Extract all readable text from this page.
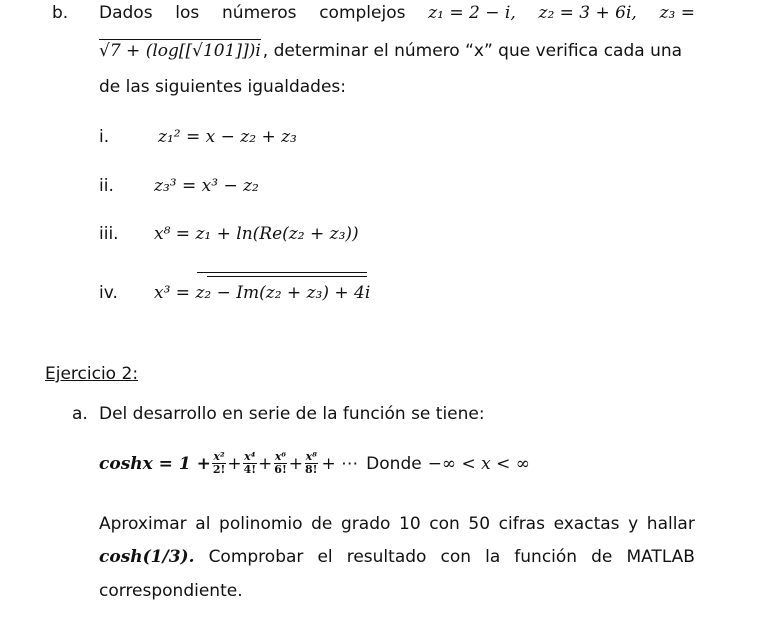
b. Dados los números complejos z₁ = 2 − i, z₂ = 3 + 6i, z₃ =
√7 + (log[[√101]])i , determinar el número “x” que verifica cada una
de las siguientes igualdades:
i.	z₁² = x − z₂ + z₃
ii. z₃³ = x³ − z₂
iii. x⁸ = z₁ + ln(Re(z₂ + z₃))
iv. x³ = z₂ − Im(z₂ + z₃) + 4i
Ejercicio 2:
a. Del desarrollo en serie de la función se tiene:
$\cosh x = 1 + \frac{\text{x²}}{2!} + \frac{\text{x⁴}}{4!} + \frac{\text{x⁶}}{6!} + \frac{\text{x⁸}}{8!}$ + ⋯ Donde −∞ < x < ∞
Aproximar al polinomio de grado 10 con 50 cifras exactas y hallar
cosh(1/3). Comprobar el resultado con la función de MATLAB
correspondiente.
